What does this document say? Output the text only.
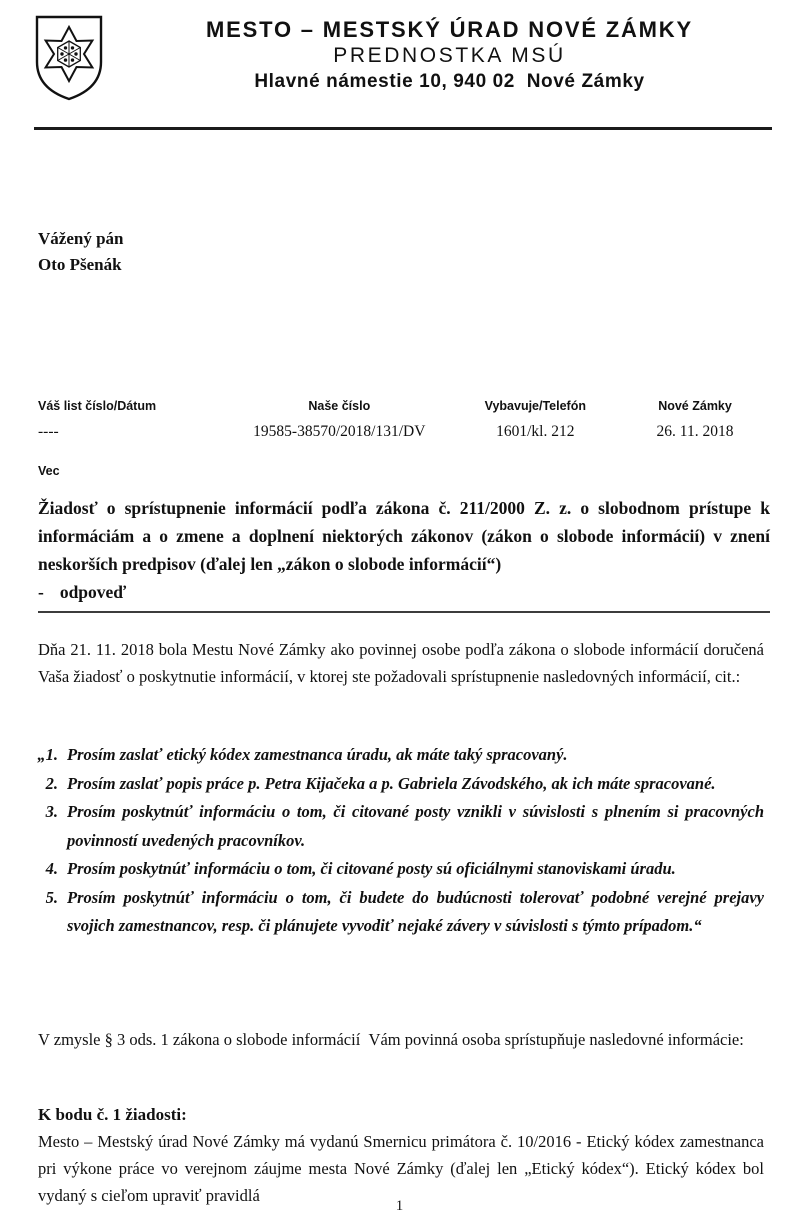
MESTO – MESTSKÝ ÚRAD NOVÉ ZÁMKY
PREDNOSTKA MSÚ
Hlavné námestie 10, 940 02  Nové Zámky
Vážený pán
Oto Pšenák
Váš list číslo/Dátum
----
Naše číslo
19585-38570/2018/131/DV
Vybavuje/Telefón
1601/kl. 212
Nové Zámky
26. 11. 2018
Vec
Žiadosť o sprístupnenie informácií podľa zákona č. 211/2000 Z. z. o slobodnom prístupe k informáciám a o zmene a doplnení niektorých zákonov (zákon o slobode informácií) v znení neskorších predpisov (ďalej len „zákon o slobode informácií“)
- odpoveď
Dňa 21. 11. 2018 bola Mestu Nové Zámky ako povinnej osobe podľa zákona o slobode informácií doručená Vaša žiadosť o poskytnutie informácií, v ktorej ste požadovali sprístupnenie nasledovných informácií, cit.:
„1. Prosím zaslať etický kódex zamestnanca úradu, ak máte taký spracovaný.
2. Prosím zaslať popis práce p. Petra Kijačeka a p. Gabriela Závodského, ak ich máte spracované.
3. Prosím poskytnúť informáciu o tom, či citované posty vznikli v súvislosti s plnením si pracovných povinností uvedených pracovníkov.
4. Prosím poskytnúť informáciu o tom, či citované posty sú oficiálnymi stanoviskami úradu.
5. Prosím poskytnúť informáciu o tom, či budete do budúcnosti tolerovať podobné verejné prejavy svojich zamestnancov, resp. či plánujete vyvodiť nejaké závery v súvislosti s týmto prípadom.“
V zmysle § 3 ods. 1 zákona o slobode informácií  Vám povinná osoba sprístupňuje nasledovné informácie:
K bodu č. 1 žiadosti:
Mesto – Mestský úrad Nové Zámky má vydanú Smernicu primátora č. 10/2016 - Etický kódex zamestnanca pri výkone práce vo verejnom záujme mesta Nové Zámky (ďalej len „Etický kódex“). Etický kódex bol vydaný s cieľom upraviť pravidlá
1
